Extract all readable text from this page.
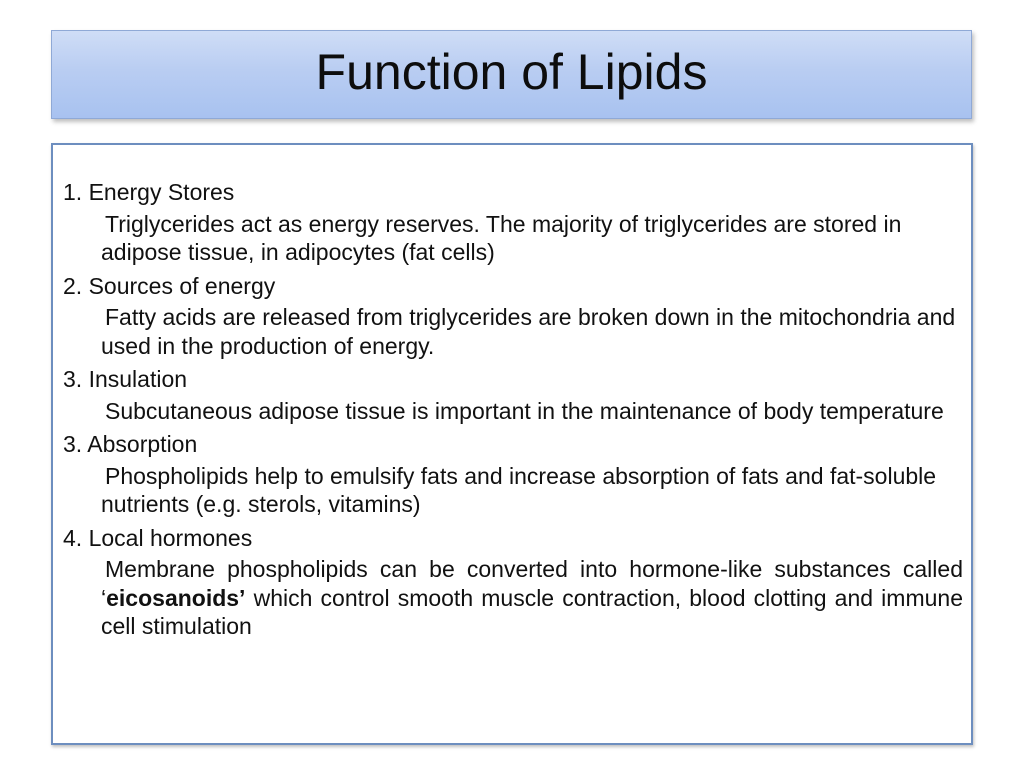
Function of Lipids

1. Energy Stores

Triglycerides act as energy reserves. The majority of triglycerides are stored in adipose tissue, in adipocytes (fat cells)

2. Sources of energy

Fatty acids are released from triglycerides are broken down in the mitochondria and used in the production of energy.

3. Insulation

Subcutaneous adipose tissue is important in the maintenance of body temperature

3. Absorption

Phospholipids help to emulsify fats and increase absorption of fats and fat-soluble nutrients (e.g. sterols, vitamins)

4. Local hormones

Membrane phospholipids can be converted into hormone-like substances called ‘eicosanoids’ which control smooth muscle contraction, blood clotting and immune cell stimulation
